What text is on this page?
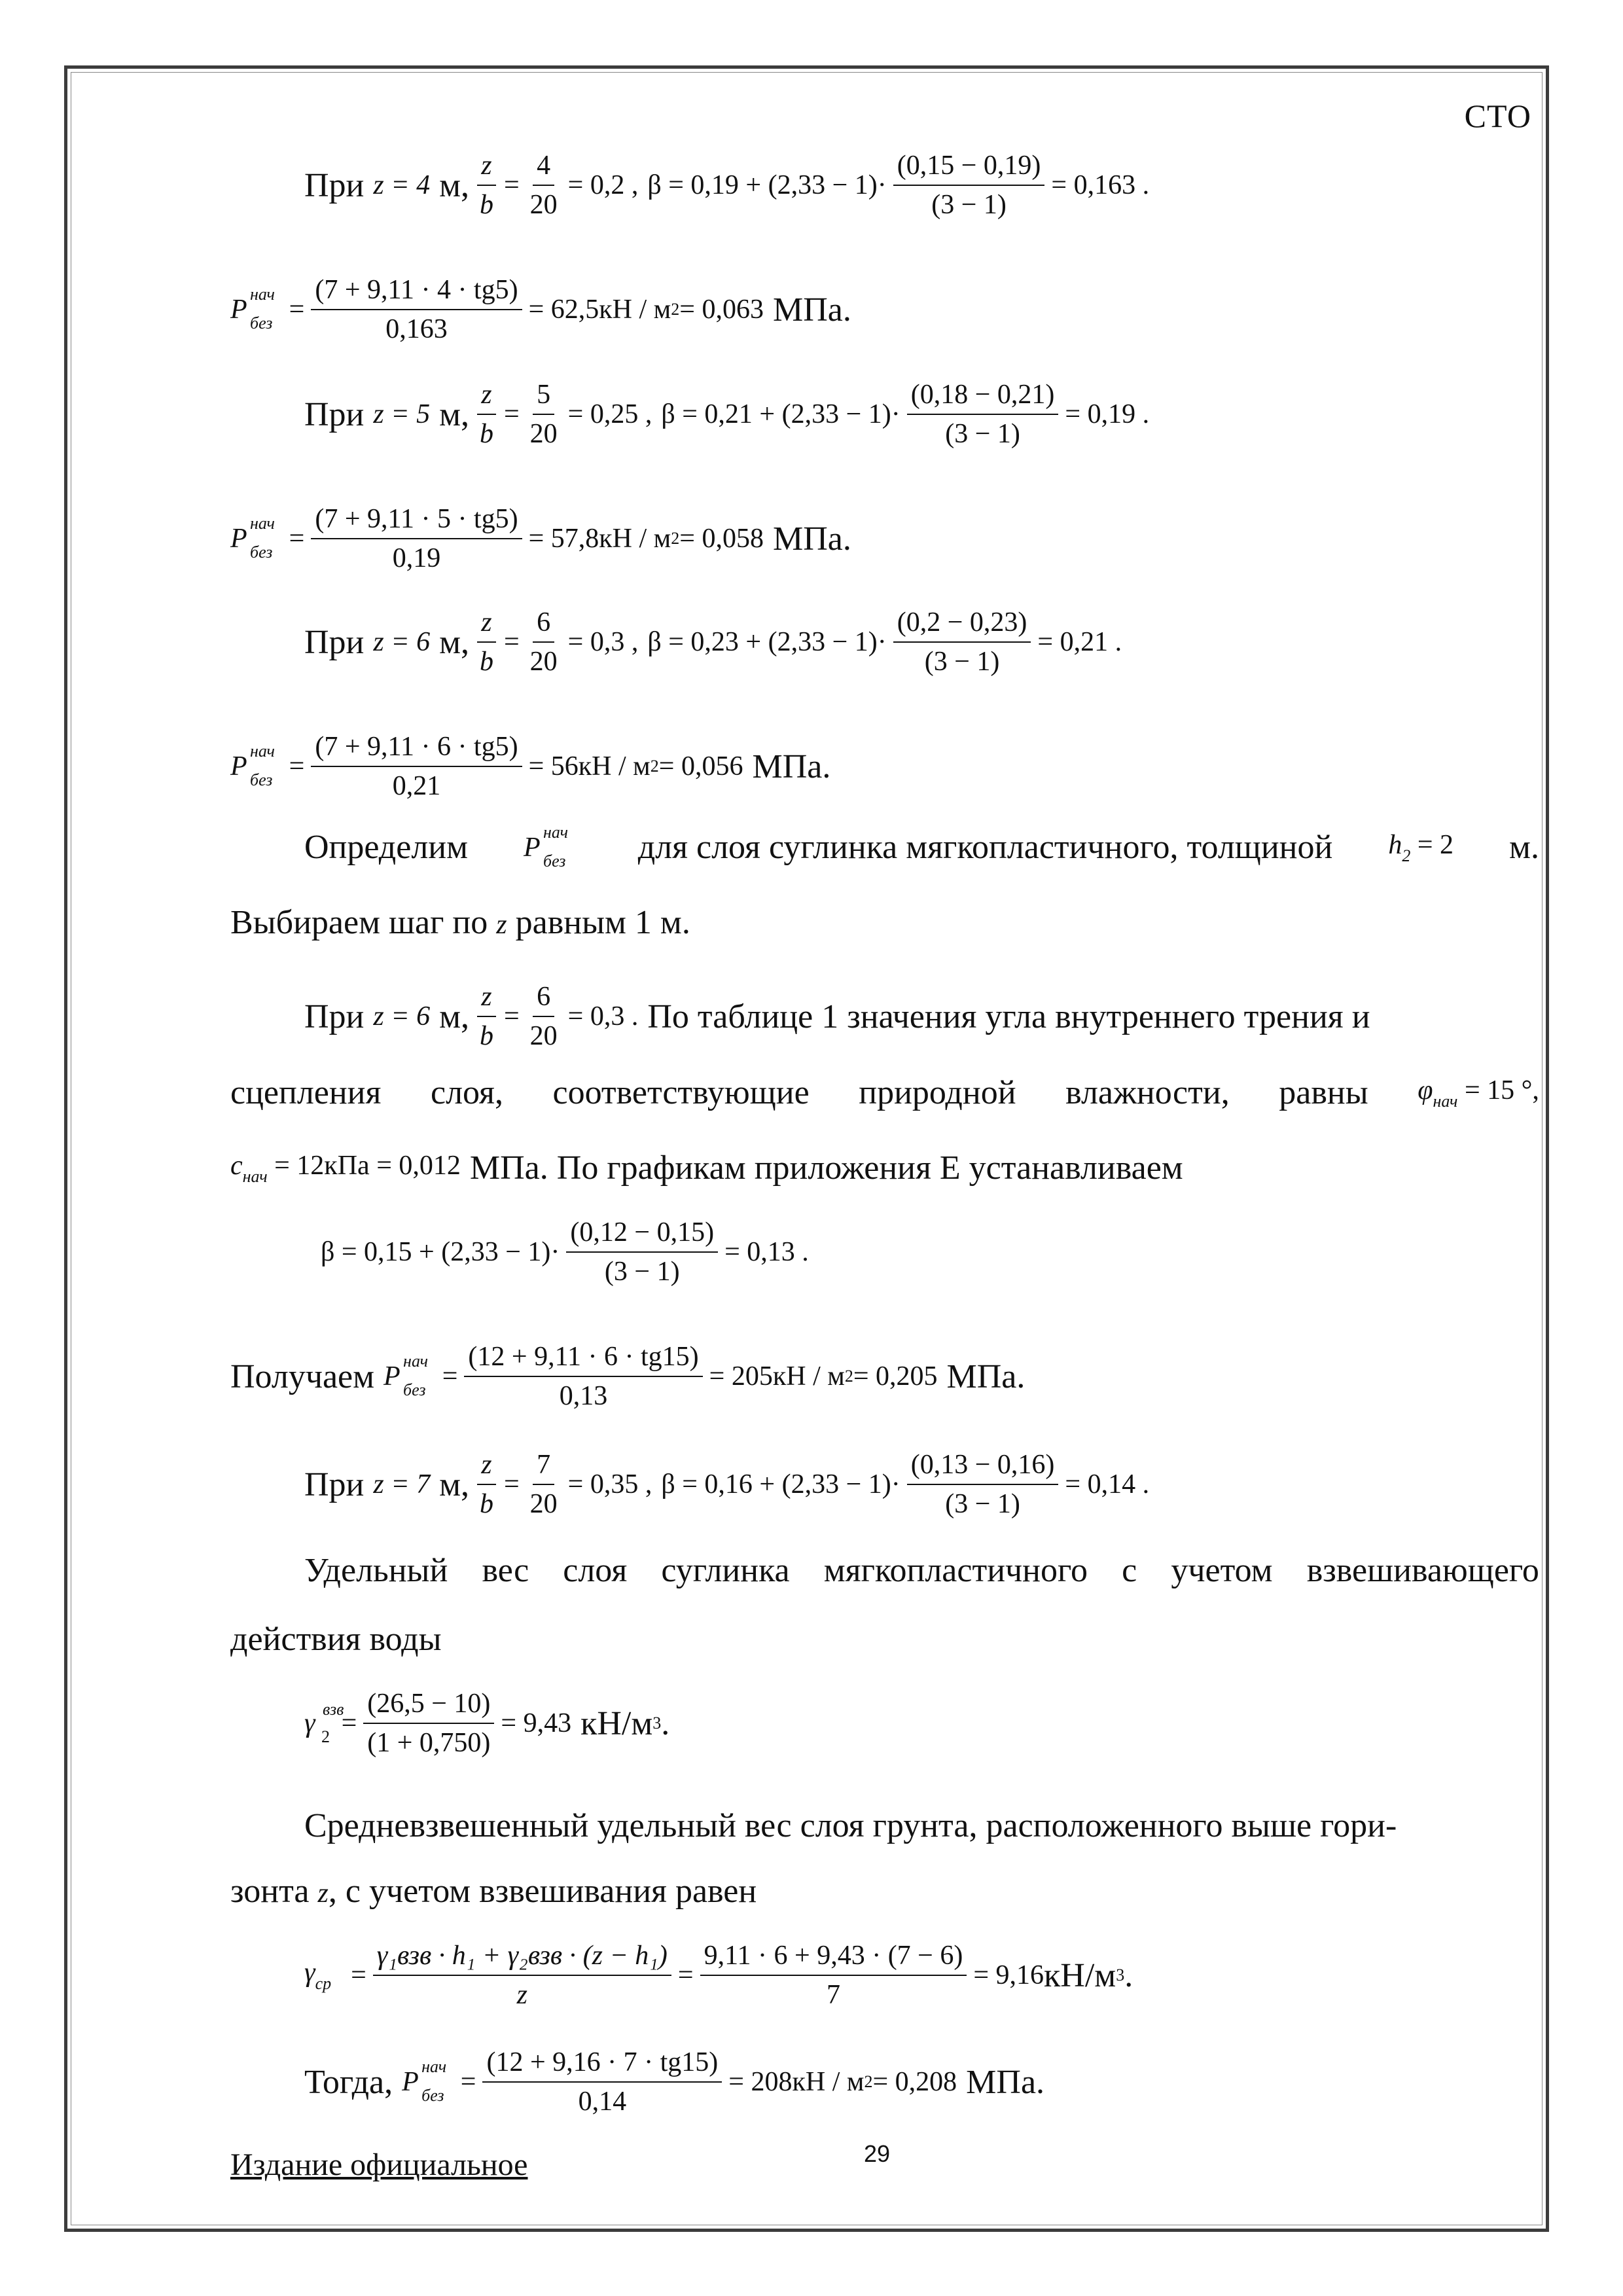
СТО
При z = 4 м, $\frac{z}{b} = \frac{4}{20} = 0,2$ , $\beta = 0,19 + (2,33 - 1)\cdot \frac{(0,15 - 0,19)}{(3 - 1)} = 0,163$ .
P
нач
без = $\frac{(7 + 9,11 \cdot 4 \cdot tg5)}{0,163} = 62,5кН / м$ 2 = 0,063 МПа.
При z = 5 м, $\frac{z}{b} = \frac{5}{20} = 0,25$ , $\beta = 0,21 + (2,33 - 1)\cdot \frac{(0,18 - 0,21)}{(3 - 1)} = 0,19$ .
P
нач
без = $\frac{(7 + 9,11 \cdot 5 \cdot tg5)}{0,19} = 57,8кН / м$ 2 = 0,058 МПа.
При z = 6 м, $\frac{z}{b} = \frac{6}{20} = 0,3$ , $\beta = 0,23 + (2,33 - 1)\cdot \frac{(0,2 - 0,23)}{(3 - 1)} = 0,21$ .
P
нач
без = $\frac{(7 + 9,11 \cdot 6 \cdot tg5)}{0,21} = 56кН / м$ 2 = 0,056 МПа.
Определим P
нач
без для слоя суглинка мягкопластичного, толщиной $h_2 = 2$ м.
Выбираем шаг по z равным 1 м.
При z = 6 м, $\frac{z}{b} = \frac{6}{20} = 0,3$ . По таблице 1 значения угла внутреннего трения и
сцепления слоя, соответствующие природной влажности, равны $\varphi_{нач} = 15$ °,
$c_{нач} = 12кПа = 0,012$ МПа. По графикам приложения Е устанавливаем
$\beta = 0,15 + (2,33 - 1)\cdot \frac{(0,12 - 0,15)}{(3 - 1)} = 0,13$ .
Получаем P
нач
без = $\frac{(12 + 9,11 \cdot 6 \cdot tg15)}{0,13} = 205кН / м$ 2 = 0,205 МПа.
При z = 7 м, $\frac{z}{b} = \frac{7}{20} = 0,35$ , $\beta = 0,16 + (2,33 - 1)\cdot \frac{(0,13 - 0,16)}{(3 - 1)} = 0,14$ .
Удельный вес слоя суглинка мягкопластичного с учетом взвешивающего
действия воды
γ взв
$2 = \frac{(26,5 - 10)}{(1 + 0,750)} = 9,43$ кН/м 3 .
Средневзвешенный удельный вес слоя грунта, расположенного выше гори-
зонта z, с учетом взвешивания равен
$\gamma_{ср} = \frac{\text{γ₁взв · h₁ + γ₂взв · (z − h₁)}}{z} = \frac{9,11 \cdot 6 + 9,43 \cdot (7 - 6)}{7} = 9,16$ кН/м 3 .
Тогда, P
нач
без = $\frac{(12 + 9,16 \cdot 7 \cdot tg15)}{0,14} = 208кН / м$ 2 = 0,208 МПа.
Издание официальное	29
